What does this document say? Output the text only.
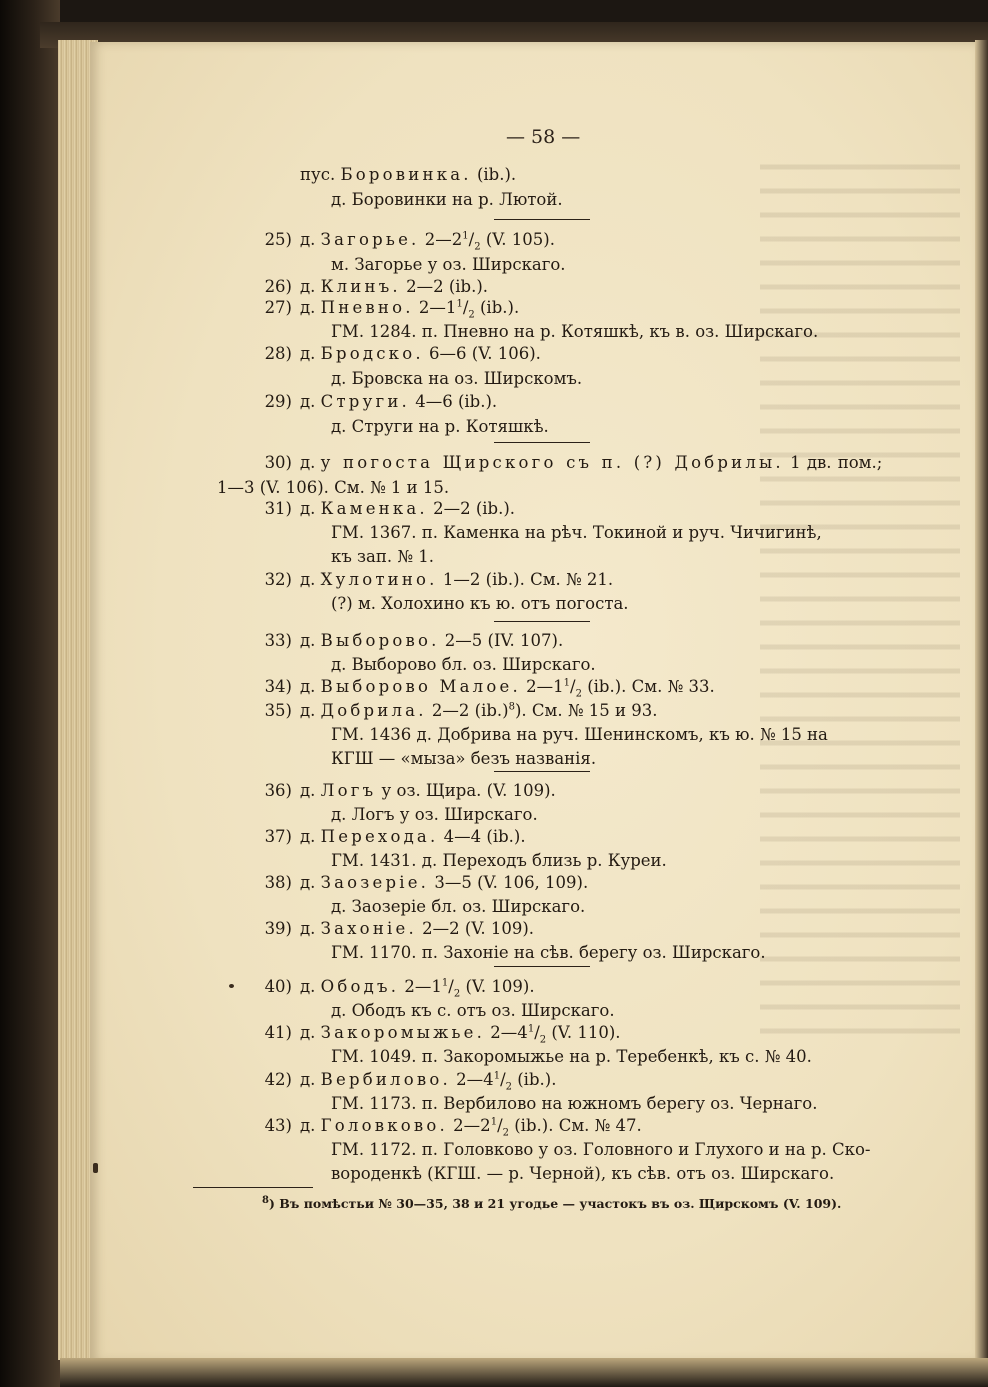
— 58 —
пус. Боровинка. (ib.).
д. Боровинки на р. Лютой.
25) д. Загорье. $2—2^1/_2$ (V. 105).
м. Загорье у оз. Ширскаго.
26) д. Клинъ. 2—2 (ib.).
27) д. Пневно. $2—1^1/_2$ (ib.).
ГМ. 1284. п. Пневно на р. Котяшкѣ, къ в. оз. Ширскаго.
28) д. Бродско. 6—6 (V. 106).
д. Бровска на оз. Ширскомъ.
29) д. Струги. 4—6 (ib.).
д. Струги на р. Котяшкѣ.
30) д. у погоста Щирского съ п. (?) Добрилы. 1 дв. пом.;
1—3 (V. 106). См. № 1 и 15.
31) д. Каменка. 2—2 (ib.).
ГМ. 1367. п. Каменка на рѣч. Токиной и руч. Чичигинѣ,
къ зап. № 1.
32) д. Хулотино. 1—2 (ib.). См. № 21.
(?) м. Холохино къ ю. отъ погоста.
33) д. Выборово. 2—5 (IV. 107).
д. Выборово бл. оз. Ширскаго.
34) д. Выборово Малое. $2—1^1/_2$ (ib.). См. № 33.
35) д. Добрила. 2—2 $(ib.)^8$). См. № 15 и 93.
ГМ. 1436 д. Добрива на руч. Шенинскомъ, къ ю. № 15 на
КГШ — «мыза» безъ названія.
36) д. Логъ у оз. Щира. (V. 109).
д. Логъ у оз. Ширскаго.
37) д. Перехода. 4—4 (ib.).
ГМ. 1431. д. Переходъ близь р. Куреи.
38) д. Заозеріе. 3—5 (V. 106, 109).
д. Заозеріе бл. оз. Ширскаго.
39) д. Захоніе. 2—2 (V. 109).
ГМ. 1170. п. Захоніе на сѣв. берегу оз. Ширскаго.
40) д. Ободъ. $2—1^1/_2$ (V. 109).
д. Ободъ къ с. отъ оз. Ширскаго.
41) д. Закоромыжье. $2—4^1/_2$ (V. 110).
ГМ. 1049. п. Закоромыжье на р. Теребенкѣ, къ с. № 40.
42) д. Вербилово. $2—4^1/_2$ (ib.).
ГМ. 1173. п. Вербилово на южномъ берегу оз. Чернаго.
43) д. Головково. $2—2^1/_2$ (ib.). См. № 47.
ГМ. 1172. п. Головково у оз. Головного и Глухого и на р. Ско-
вороденкѣ (КГШ. — р. Черной), къ сѣв. отъ оз. Ширскаго.
$^8$) Въ помѣстьи № 30—35, 38 и 21 угодье — участокъ въ оз. Щирскомъ (V. 109).
